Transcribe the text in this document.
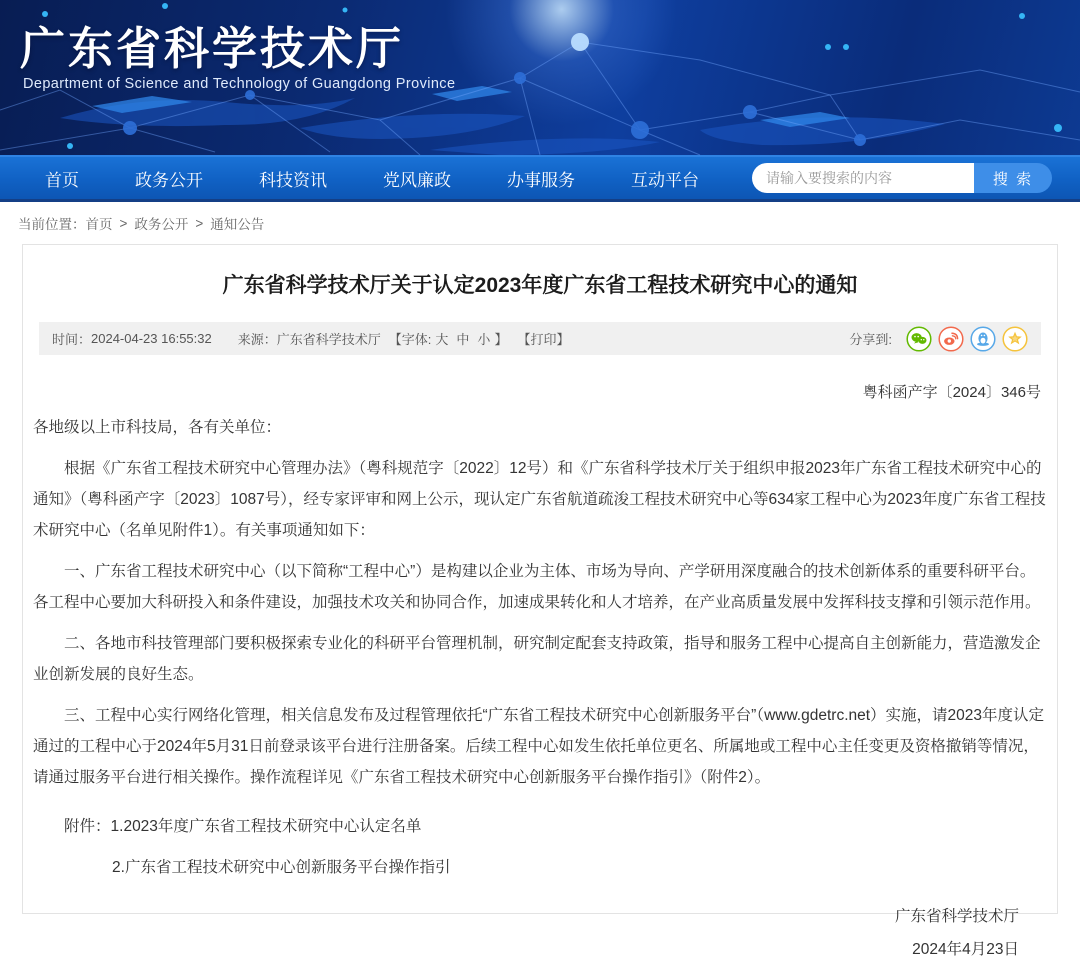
广东省科学技术厅
Department of Science and Technology of Guangdong Province
首页	政务公开	科技资讯	党风廉政	办事服务	互动平台
请输入要搜索的内容	搜 索
当前位置： 首页 > 政务公开 > 通知公告
广东省科学技术厅关于认定2023年度广东省工程技术研究中心的通知
时间： 2024-04-23 16:55:32 来源： 广东省科学技术厅 【字体: 大 中 小 】 【打印】	分享到:
粤科函产字〔2024〕346号

各地级以上市科技局，各有关单位：

根据《广东省工程技术研究中心管理办法》（粤科规范字〔2022〕12号）和《广东省科学技术厅关于组织申报2023年广东省工程技术研究中心的通知》（粤科函产字〔2023〕1087号），经专家评审和网上公示，现认定广东省航道疏浚工程技术研究中心等634家工程中心为2023年度广东省工程技术研究中心（名单见附件1）。有关事项通知如下：

一、广东省工程技术研究中心（以下简称“工程中心”）是构建以企业为主体、市场为导向、产学研用深度融合的技术创新体系的重要科研平台。各工程中心要加大科研投入和条件建设，加强技术攻关和协同合作，加速成果转化和人才培养，在产业高质量发展中发挥科技支撑和引领示范作用。

二、各地市科技管理部门要积极探索专业化的科研平台管理机制，研究制定配套支持政策，指导和服务工程中心提高自主创新能力，营造激发企业创新发展的良好生态。

三、工程中心实行网络化管理，相关信息发布及过程管理依托“广东省工程技术研究中心创新服务平台”（www.gdetrc.net）实施，请2023年度认定通过的工程中心于2024年5月31日前登录该平台进行注册备案。后续工程中心如发生依托单位更名、所属地或工程中心主任变更及资格撤销等情况，请通过服务平台进行相关操作。操作流程详见《广东省工程技术研究中心创新服务平台操作指引》（附件2）。

附件：1.2023年度广东省工程技术研究中心认定名单

2.广东省工程技术研究中心创新服务平台操作指引

广东省科学技术厅
2024年4月23日
